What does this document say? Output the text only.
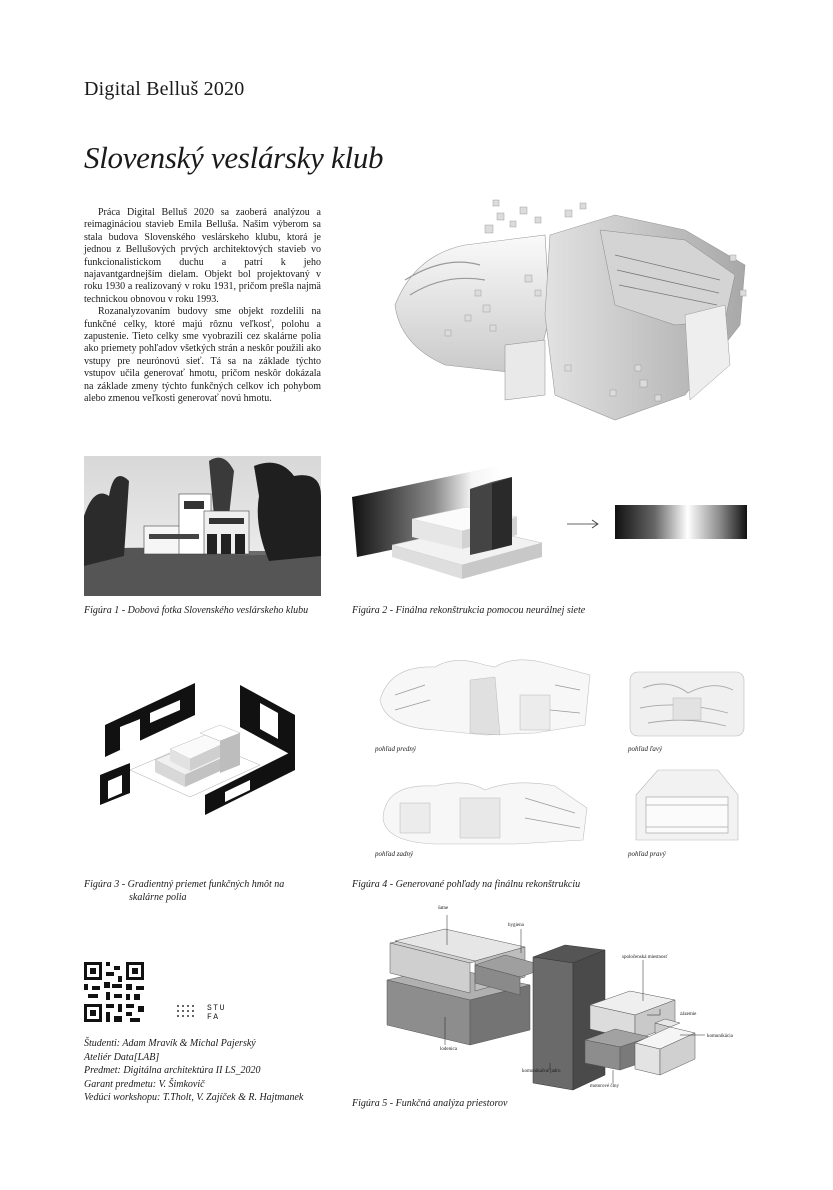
Digital Belluš 2020
Slovenský veslársky klub

Práca Digital Belluš 2020 sa zaoberá analýzou a reimagináciou stavieb Emila Belluša. Našim výberom sa stala budova Slovenského veslárskeho klubu, ktorá je jednou z Bellušových prvých architektových stavieb vo funkcionalistickom duchu a patrí k jeho najavantgardnejším dielam. Objekt bol projektovaný v roku 1930 a realizovaný v roku 1931, pričom prešla najmä technickou obnovou v roku 1993.

Rozanalyzovaním budovy sme objekt rozdelili na funkčné celky, ktoré majú rôznu veľkosť, polohu a zapustenie. Tieto celky sme vyobrazili cez skalárne polia ako priemety pohľadov všetkých strán a neskôr použili ako vstupy pre neurónovú sieť. Tá sa na základe týchto vstupov učila generovať hmotu, pričom neskôr dokázala na základe zmeny týchto funkčných celkov ich pohybom alebo zmenou veľkosti generovať novú hmotu.

Figúra 1 - Dobová fotka Slovenského veslárskeho klubu	Figúra 2 - Finálna rekonštrukcia pomocou neurálnej siete
Figúra 3 - Gradientný priemet funkčných hmôt na
skalárne polia
pohľad predný	pohľad ľavý
pohľad zadný	pohľad pravý
Figúra 4 - Generované pohľady na finálnu rekonštrukciu
šatne
hygiena
spoločenská miestnosť
zázemie
komunikácia
lodenica
komunikačné jadro
motorové člny
Figúra 5 - Funkčná analýza priestorov
STU
FA
Študenti: Adam Mravík & Michal Pajerský
Ateliér Data[LAB]
Predmet: Digitálna architektúra II LS_2020
Garant predmetu: V. Šimkovič
Vedúci workshopu: T.Tholt, V. Zajíček & R. Hajtmanek
